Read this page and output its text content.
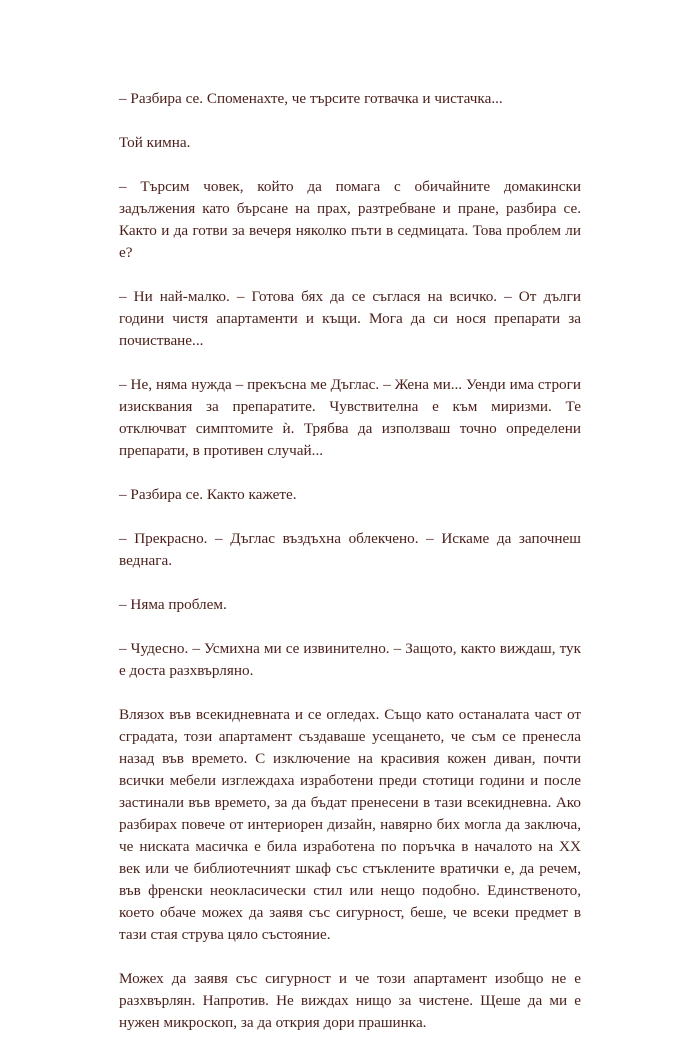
– Разбира се. Споменахте, че търсите готвачка и чистачка...

Той кимна.

– Търсим човек, който да помага с обичайните домакински задължения като бърсане на прах, разтребване и пране, разбира се. Както и да готви за вечеря няколко пъти в седмицата. Това проблем ли е?

– Ни най-малко. – Готова бях да се съглася на всичко. – От дълги години чистя апартаменти и къщи. Мога да си нося препарати за почистване...

– Не, няма нужда – прекъсна ме Дъглас. – Жена ми... Уенди има строги изисквания за препаратите. Чувствителна е към миризми. Те отключват симптомите ѝ. Трябва да използваш точно определени препарати, в противен случай...

– Разбира се. Както кажете.

– Прекрасно. – Дъглас въздъхна облекчено. – Искаме да започнеш веднага.

– Няма проблем.

– Чудесно. – Усмихна ми се извинително. – Защото, както виждаш, тук е доста разхвърляно.

Влязох във всекидневната и се огледах. Също като останалата част от сградата, този апартамент създаваше усещането, че съм се пренесла назад във времето. С изключение на красивия кожен диван, почти всички мебели изглеждаха изработени преди стотици години и после застинали във времето, за да бъдат пренесени в тази всекидневна. Ако разбирах повече от интериорен дизайн, навярно бих могла да заключа, че ниската масичка е била изработена по поръчка в началото на XX век или че библиотечният шкаф със стъклените вратички е, да речем, във френски неокласически стил или нещо подобно. Единственото, което обаче можех да заявя със сигурност, беше, че всеки предмет в тази стая струва цяло състояние.

Можех да заявя със сигурност и че този апартамент изобщо не е разхвърлян. Напротив. Не виждах нищо за чистене. Щеше да ми е нужен микроскоп, за да открия дори прашинка.
